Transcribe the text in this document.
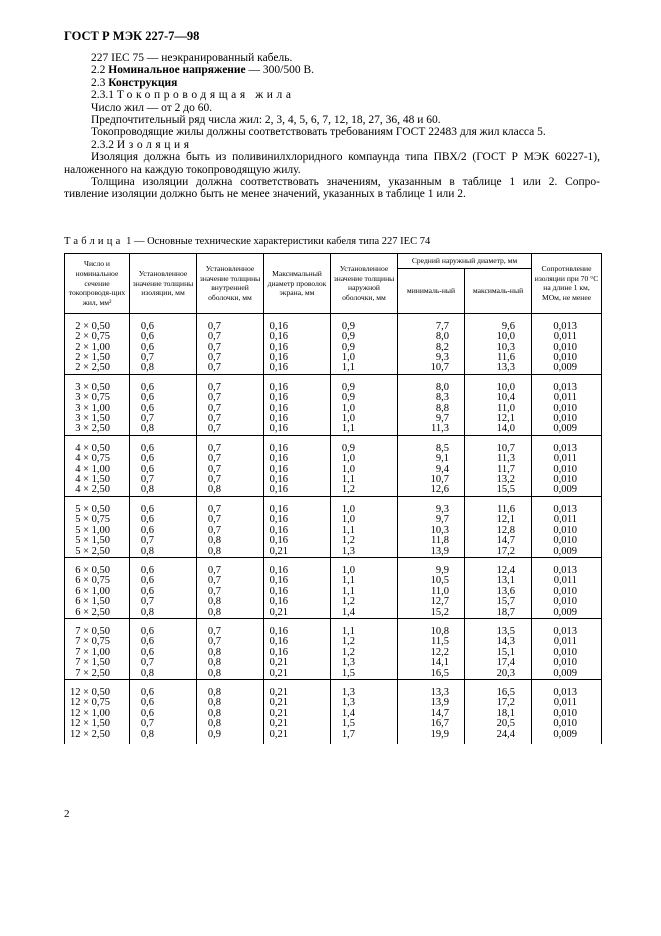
ГОСТ Р МЭК 227-7—98

227 IEC 75 — неэкранированный кабель.

2.2 Номинальное напряжение — 300/500 В.

2.3 Конструкция

2.3.1 Токопроводящая жила

Число жил — от 2 до 60.

Предпочтительный ряд числа жил: 2, 3, 4, 5, 6, 7, 12, 18, 27, 36, 48 и 60.

Токопроводящие жилы должны соответствовать требованиям ГОСТ 22483 для жил класса 5.

2.3.2 Изоляция

Изоляция должна быть из поливинилхлоридного компаунда типа ПВХ/2 (ГОСТ Р МЭК 60227-1),

наложенного на каждую токопроводящую жилу.

Толщина изоляции должна соответствовать значениям, указанным в таблице 1 или 2. Сопро-

тивление изоляции должно быть не менее значений, указанных в таблице 1 или 2.

Таблица 1 — Основные технические характеристики кабеля типа 227 IEC 74
Число и номинальное сечение токопроводя-щих жил, мм²	Установленное значение толщины изоляции, мм	Установленное значение толщины внутренней оболочки, мм	Максимальный диаметр проволок экрана, мм	Установленное значение толщины наружной оболочки, мм	Средний наружный диаметр, мм		Сопротивление изоляции при 70 °С на длине 1 км, МОм, не менее
					минималь-ный	максималь-ный	

2 × 0,50	0,6	0,7	0,16	0,9	7,7	9,6	0,013
2 × 0,75	0,6	0,7	0,16	0,9	8,0	10,0	0,011
2 × 1,00	0,6	0,7	0,16	0,9	8,2	10,3	0,010
2 × 1,50	0,7	0,7	0,16	1,0	9,3	11,6	0,010
2 × 2,50	0,8	0,7	0,16	1,1	10,7	13,3	0,009

3 × 0,50	0,6	0,7	0,16	0,9	8,0	10,0	0,013
3 × 0,75	0,6	0,7	0,16	0,9	8,3	10,4	0,011
3 × 1,00	0,6	0,7	0,16	1,0	8,8	11,0	0,010
3 × 1,50	0,7	0,7	0,16	1,0	9,7	12,1	0,010
3 × 2,50	0,8	0,7	0,16	1,1	11,3	14,0	0,009

4 × 0,50	0,6	0,7	0,16	0,9	8,5	10,7	0,013
4 × 0,75	0,6	0,7	0,16	1,0	9,1	11,3	0,011
4 × 1,00	0,6	0,7	0,16	1,0	9,4	11,7	0,010
4 × 1,50	0,7	0,7	0,16	1,1	10,7	13,2	0,010
4 × 2,50	0,8	0,8	0,16	1,2	12,6	15,5	0,009

5 × 0,50	0,6	0,7	0,16	1,0	9,3	11,6	0,013
5 × 0,75	0,6	0,7	0,16	1,0	9,7	12,1	0,011
5 × 1,00	0,6	0,7	0,16	1,1	10,3	12,8	0,010
5 × 1,50	0,7	0,8	0,16	1,2	11,8	14,7	0,010
5 × 2,50	0,8	0,8	0,21	1,3	13,9	17,2	0,009

6 × 0,50	0,6	0,7	0,16	1,0	9,9	12,4	0,013
6 × 0,75	0,6	0,7	0,16	1,1	10,5	13,1	0,011
6 × 1,00	0,6	0,7	0,16	1,1	11,0	13,6	0,010
6 × 1,50	0,7	0,8	0,16	1,2	12,7	15,7	0,010
6 × 2,50	0,8	0,8	0,21	1,4	15,2	18,7	0,009

7 × 0,50	0,6	0,7	0,16	1,1	10,8	13,5	0,013
7 × 0,75	0,6	0,7	0,16	1,2	11,5	14,3	0,011
7 × 1,00	0,6	0,8	0,16	1,2	12,2	15,1	0,010
7 × 1,50	0,7	0,8	0,21	1,3	14,1	17,4	0,010
7 × 2,50	0,8	0,8	0,21	1,5	16,5	20,3	0,009

12 × 0,50	0,6	0,8	0,21	1,3	13,3	16,5	0,013
12 × 0,75	0,6	0,8	0,21	1,3	13,9	17,2	0,011
12 × 1,00	0,6	0,8	0,21	1,4	14,7	18,1	0,010
12 × 1,50	0,7	0,8	0,21	1,5	16,7	20,5	0,010
12 × 2,50	0,8	0,9	0,21	1,7	19,9	24,4	0,009

2
